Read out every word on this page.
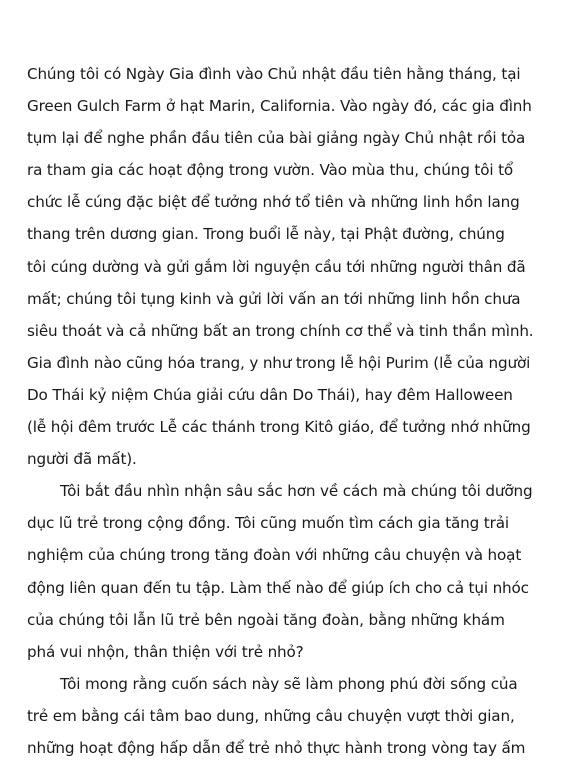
Chúng tôi có Ngày Gia đình vào Chủ nhật đầu tiên hằng tháng, tại
Green Gulch Farm ở hạt Marin, California. Vào ngày đó, các gia đình
tụm lại để nghe phần đầu tiên của bài giảng ngày Chủ nhật rồi tỏa
ra tham gia các hoạt động trong vườn. Vào mùa thu, chúng tôi tổ
chức lễ cúng đặc biệt để tưởng nhớ tổ tiên và những linh hồn lang
thang trên dương gian. Trong buổi lễ này, tại Phật đường, chúng
tôi cúng dường và gửi gắm lời nguyện cầu tới những người thân đã
mất; chúng tôi tụng kinh và gửi lời vấn an tới những linh hồn chưa
siêu thoát và cả những bất an trong chính cơ thể và tinh thần mình.
Gia đình nào cũng hóa trang, y như trong lễ hội Purim (lễ của người
Do Thái kỷ niệm Chúa giải cứu dân Do Thái), hay đêm Halloween
(lễ hội đêm trước Lễ các thánh trong Kitô giáo, để tưởng nhớ những
người đã mất).
Tôi bắt đầu nhìn nhận sâu sắc hơn về cách mà chúng tôi dưỡng
dục lũ trẻ trong cộng đồng. Tôi cũng muốn tìm cách gia tăng trải
nghiệm của chúng trong tăng đoàn với những câu chuyện và hoạt
động liên quan đến tu tập. Làm thế nào để giúp ích cho cả tụi nhóc
của chúng tôi lẫn lũ trẻ bên ngoài tăng đoàn, bằng những khám
phá vui nhộn, thân thiện với trẻ nhỏ?
Tôi mong rằng cuốn sách này sẽ làm phong phú đời sống của
trẻ em bằng cái tâm bao dung, những câu chuyện vượt thời gian,
những hoạt động hấp dẫn để trẻ nhỏ thực hành trong vòng tay ấm
